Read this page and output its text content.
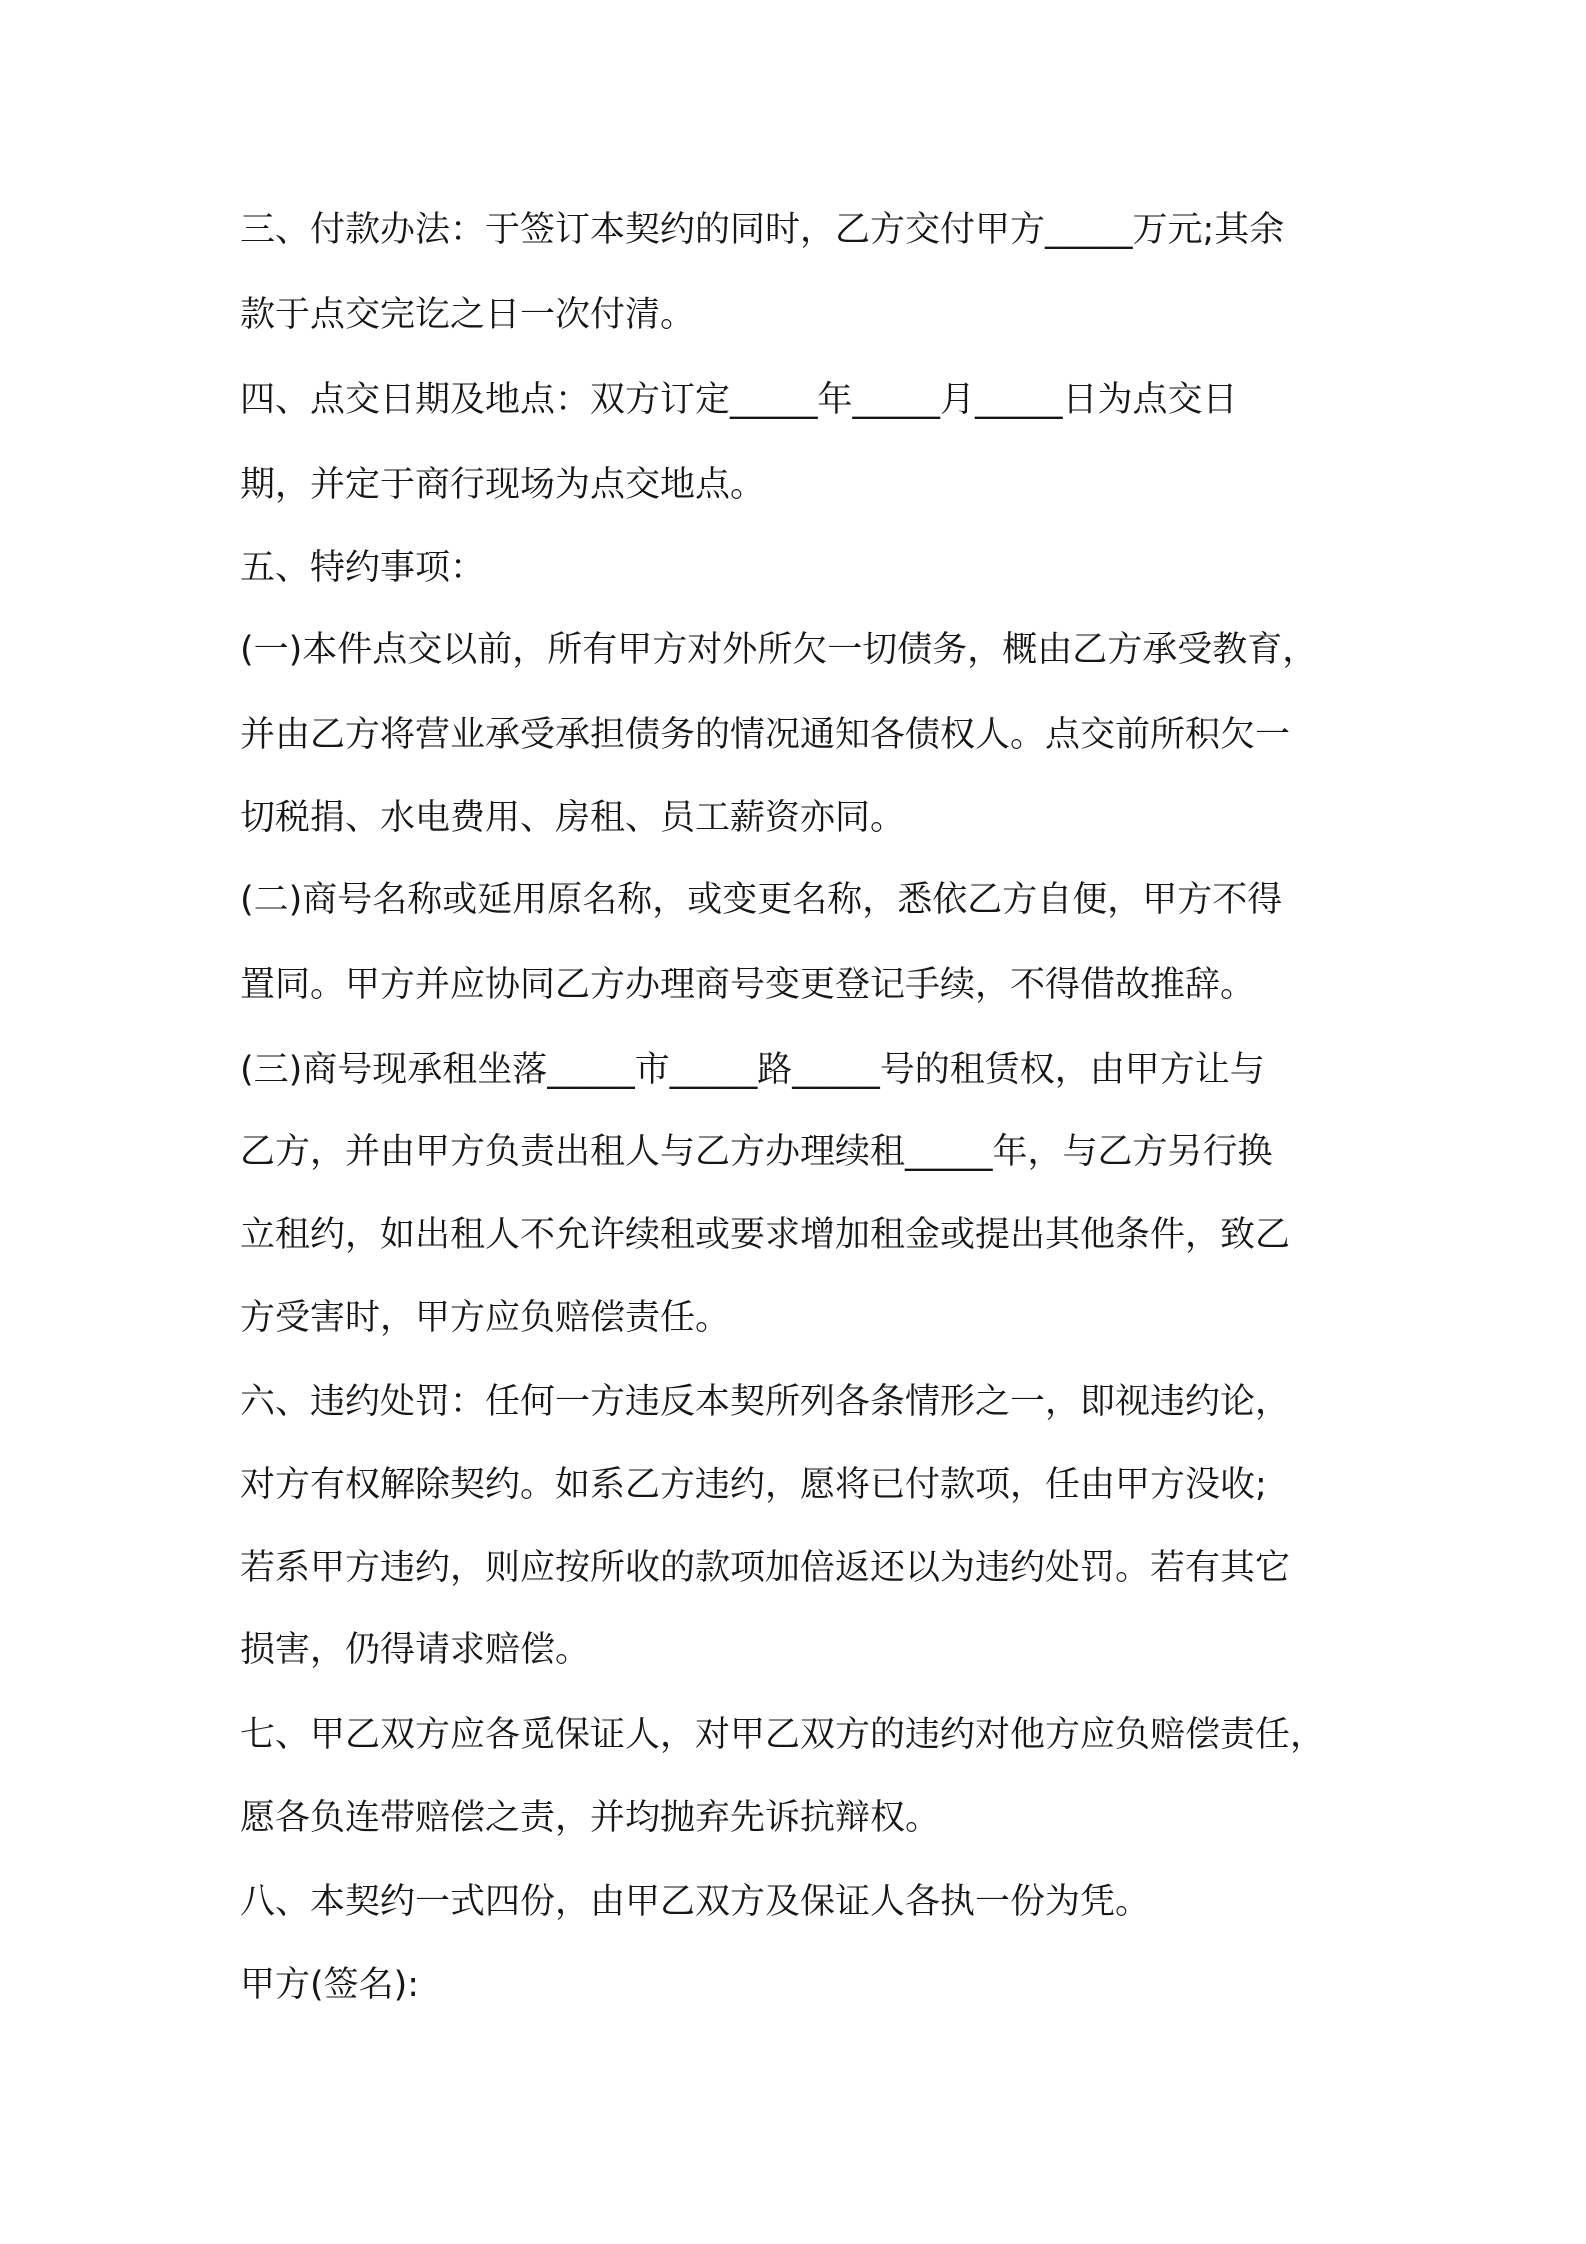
三、付款办法：于签订本契约的同时，乙方交付甲方_____万元;其余
款于点交完讫之日一次付清。
四、点交日期及地点：双方订定_____年_____月_____日为点交日
期，并定于商行现场为点交地点。
五、特约事项：
(一)本件点交以前，所有甲方对外所欠一切债务，概由乙方承受教育，
并由乙方将营业承受承担债务的情况通知各债权人。点交前所积欠一
切税捐、水电费用、房租、员工薪资亦同。
(二)商号名称或延用原名称，或变更名称，悉依乙方自便，甲方不得
置同。甲方并应协同乙方办理商号变更登记手续，不得借故推辞。
(三)商号现承租坐落_____市_____路_____号的租赁权，由甲方让与
乙方，并由甲方负责出租人与乙方办理续租_____年，与乙方另行换
立租约，如出租人不允许续租或要求增加租金或提出其他条件，致乙
方受害时，甲方应负赔偿责任。
六、违约处罚：任何一方违反本契所列各条情形之一，即视违约论，
对方有权解除契约。如系乙方违约，愿将已付款项，任由甲方没收;
若系甲方违约，则应按所收的款项加倍返还以为违约处罚。若有其它
损害，仍得请求赔偿。
七、甲乙双方应各觅保证人，对甲乙双方的违约对他方应负赔偿责任，
愿各负连带赔偿之责，并均抛弃先诉抗辩权。
八、本契约一式四份，由甲乙双方及保证人各执一份为凭。
甲方(签名):
